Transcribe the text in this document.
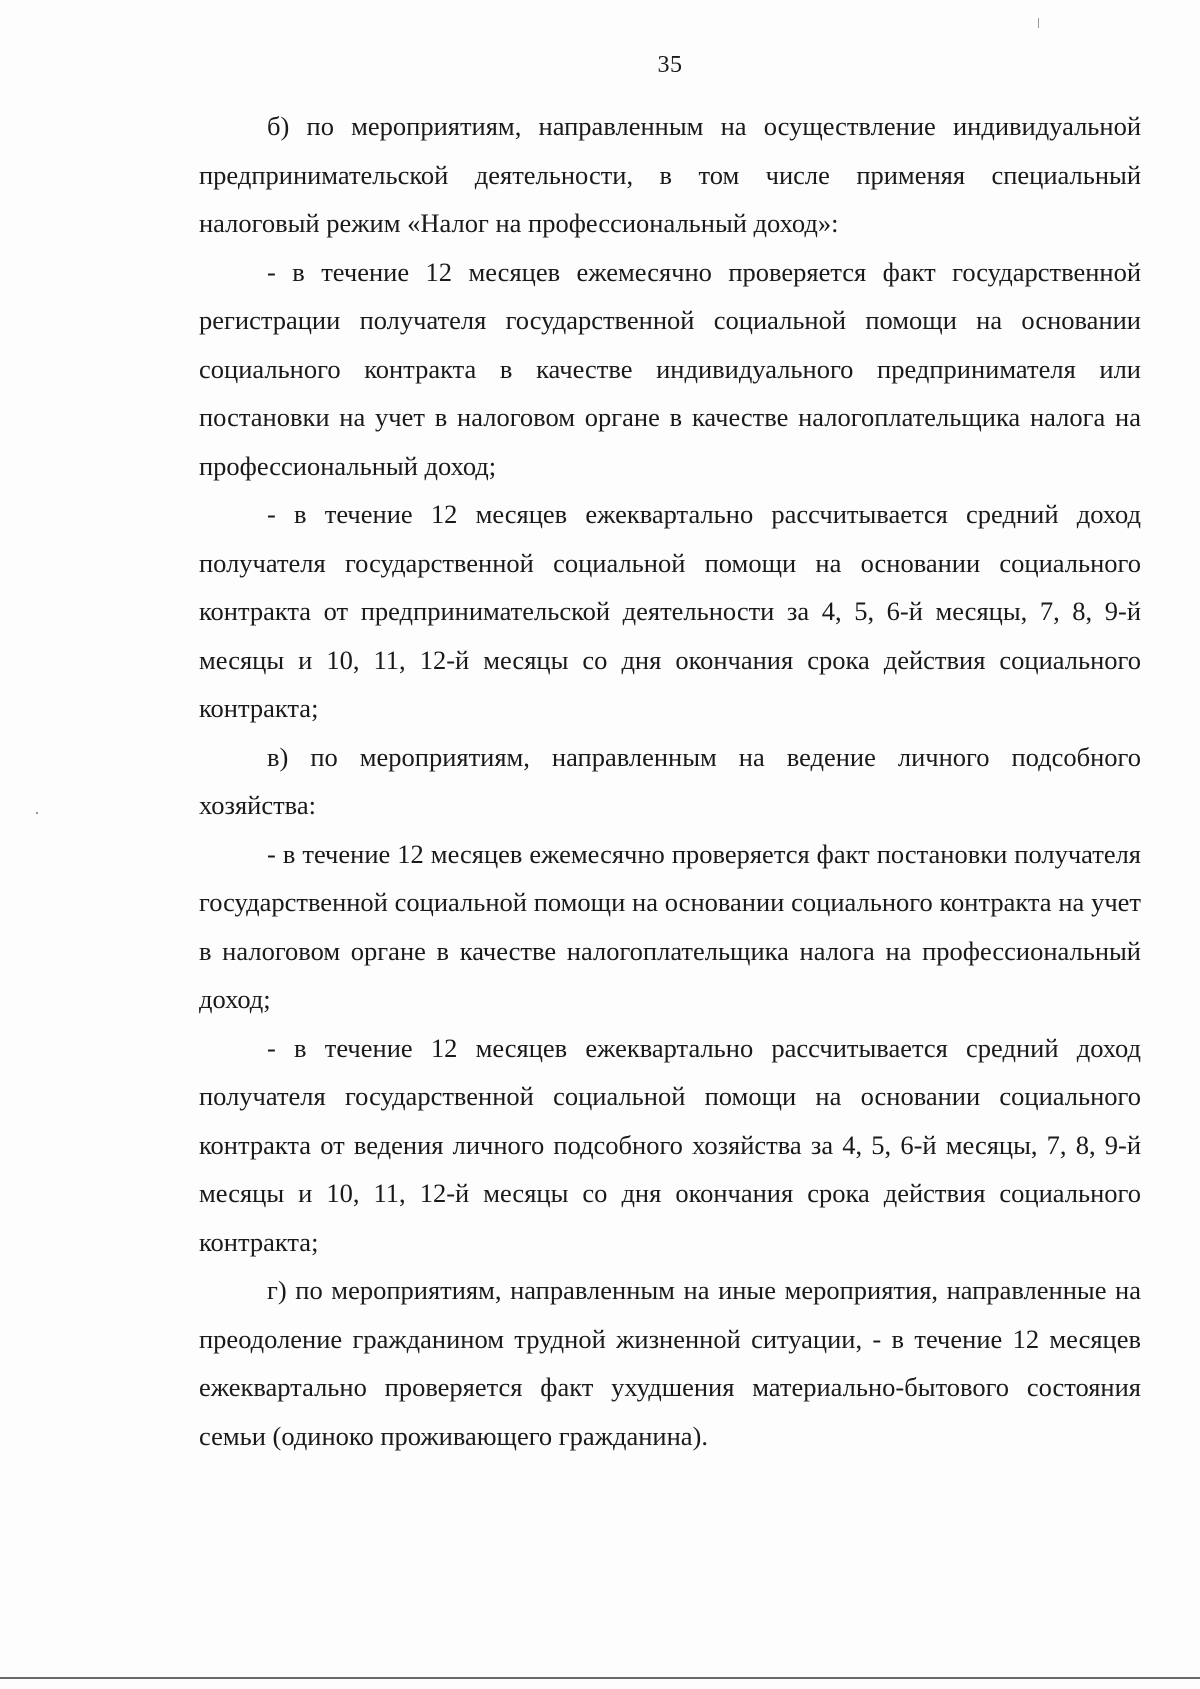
35

б) по мероприятиям, направленным на осуществление индивидуальной предпринимательской деятельности, в том числе применяя специальный налоговый режим «Налог на профессиональный доход»:

- в течение 12 месяцев ежемесячно проверяется факт государственной регистрации получателя государственной социальной помощи на основании социального контракта в качестве индивидуального предпринимателя или постановки на учет в налоговом органе в качестве налогоплательщика налога на профессиональный доход;

- в течение 12 месяцев ежеквартально рассчитывается средний доход получателя государственной социальной помощи на основании социального контракта от предпринимательской деятельности за 4, 5, 6-й месяцы, 7, 8, 9-й месяцы и 10, 11, 12-й месяцы со дня окончания срока действия социального контракта;

в) по мероприятиям, направленным на ведение личного подсобного хозяйства:

- в течение 12 месяцев ежемесячно проверяется факт постановки получателя государственной социальной помощи на основании социального контракта на учет в налоговом органе в качестве налогоплательщика налога на профессиональный доход;

- в течение 12 месяцев ежеквартально рассчитывается средний доход получателя государственной социальной помощи на основании социального контракта от ведения личного подсобного хозяйства за 4, 5, 6-й месяцы, 7, 8, 9-й месяцы и 10, 11, 12-й месяцы со дня окончания срока действия социального контракта;

г) по мероприятиям, направленным на иные мероприятия, направленные на преодоление гражданином трудной жизненной ситуации, - в течение 12 месяцев ежеквартально проверяется факт ухудшения материально-бытового состояния семьи (одиноко проживающего гражданина).
